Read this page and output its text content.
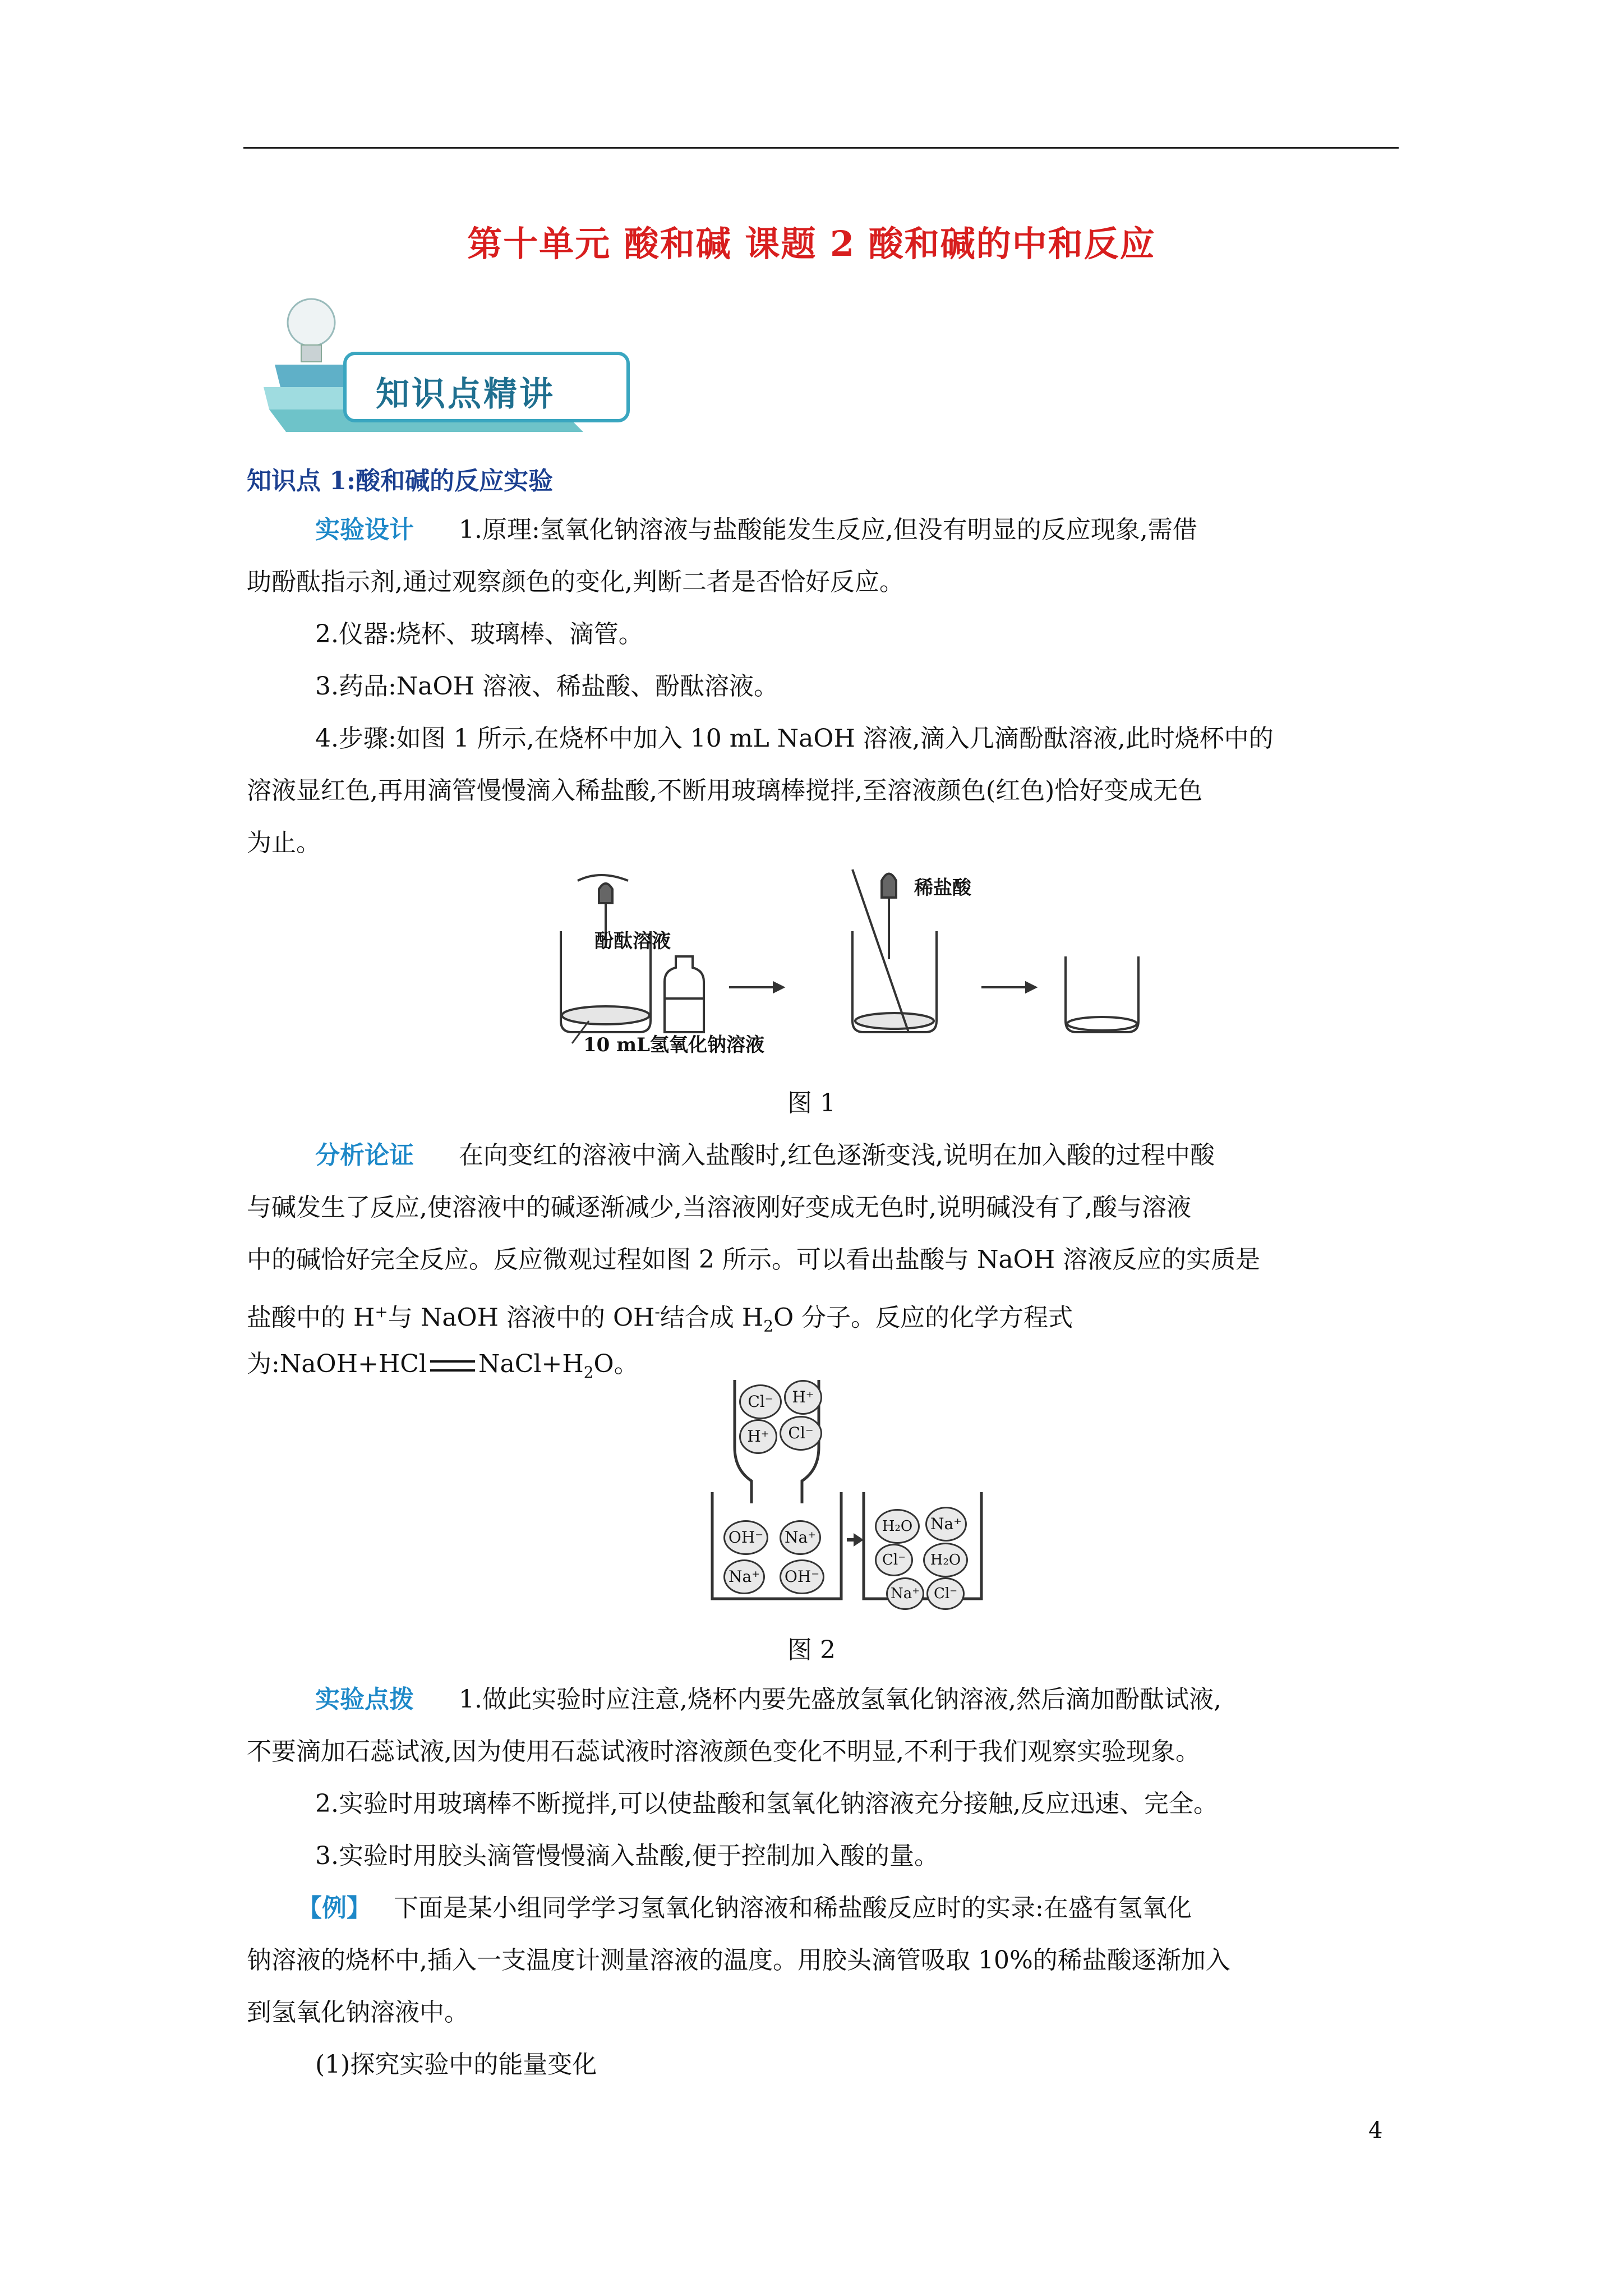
第十单元 酸和碱 课题 2 酸和碱的中和反应
知识点精讲
知识点 1:酸和碱的反应实验
实验设计 1.原理:氢氧化钠溶液与盐酸能发生反应,但没有明显的反应现象,需借
助酚酞指示剂,通过观察颜色的变化,判断二者是否恰好反应。
2.仪器:烧杯、玻璃棒、滴管。
3.药品:NaOH 溶液、稀盐酸、酚酞溶液。
4.步骤:如图 1 所示,在烧杯中加入 10 mL NaOH 溶液,滴入几滴酚酞溶液,此时烧杯中的
溶液显红色,再用滴管慢慢滴入稀盐酸,不断用玻璃棒搅拌,至溶液颜色(红色)恰好变成无色
为止。
酚酞溶液
10 mL氢氧化钠溶液
稀盐酸
图 1
分析论证 在向变红的溶液中滴入盐酸时,红色逐渐变浅,说明在加入酸的过程中酸
与碱发生了反应,使溶液中的碱逐渐减少,当溶液刚好变成无色时,说明碱没有了,酸与溶液
中的碱恰好完全反应。反应微观过程如图 2 所示。可以看出盐酸与 NaOH 溶液反应的实质是
盐酸中的 H+与 NaOH 溶液中的 OH-结合成 $H_2O$ 分子。反应的化学方程式
为:NaOH+HCl $NaCl+H_2O$。
Cl⁻	H⁺
H⁺	Cl⁻
OH⁻	Na⁺
Na⁺	OH⁻
H₂O	Na⁺
Cl⁻	H₂O
Na⁺ Cl⁻
图 2
实验点拨 1.做此实验时应注意,烧杯内要先盛放氢氧化钠溶液,然后滴加酚酞试液,
不要滴加石蕊试液,因为使用石蕊试液时溶液颜色变化不明显,不利于我们观察实验现象。
2.实验时用玻璃棒不断搅拌,可以使盐酸和氢氧化钠溶液充分接触,反应迅速、完全。
3.实验时用胶头滴管慢慢滴入盐酸,便于控制加入酸的量。
【例】 下面是某小组同学学习氢氧化钠溶液和稀盐酸反应时的实录:在盛有氢氧化
钠溶液的烧杯中,插入一支温度计测量溶液的温度。用胶头滴管吸取 10%的稀盐酸逐渐加入
到氢氧化钠溶液中。
(1)探究实验中的能量变化
4
